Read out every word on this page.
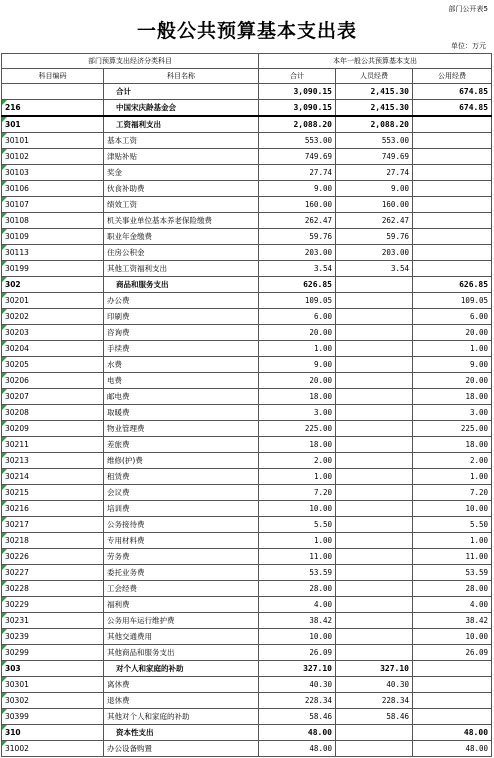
部门公开表5
一般公共预算基本支出表
单位：万元
部门预算支出经济分类科目		本年一般公共预算基本支出		
科目编码	科目名称	合计	人员经费	公用经费
	合计	3,090.15	2,415.30	674.85
216	中国宋庆龄基金会	3,090.15	2,415.30	674.85
301	工资福利支出	2,088.20	2,088.20	
30101	基本工资	553.00	553.00	
30102	津贴补贴	749.69	749.69	
30103	奖金	27.74	27.74	
30106	伙食补助费	9.00	9.00	
30107	绩效工资	160.00	160.00	
30108	机关事业单位基本养老保险缴费	262.47	262.47	
30109	职业年金缴费	59.76	59.76	
30113	住房公积金	203.00	203.00	
30199	其他工资福利支出	3.54	3.54	
302	商品和服务支出	626.85		626.85
30201	办公费	109.05		109.05
30202	印刷费	6.00		6.00
30203	咨询费	20.00		20.00
30204	手续费	1.00		1.00
30205	水费	9.00		9.00
30206	电费	20.00		20.00
30207	邮电费	18.00		18.00
30208	取暖费	3.00		3.00
30209	物业管理费	225.00		225.00
30211	差旅费	18.00		18.00
30213	维修(护)费	2.00		2.00
30214	租赁费	1.00		1.00
30215	会议费	7.20		7.20
30216	培训费	10.00		10.00
30217	公务接待费	5.50		5.50
30218	专用材料费	1.00		1.00
30226	劳务费	11.00		11.00
30227	委托业务费	53.59		53.59
30228	工会经费	28.00		28.00
30229	福利费	4.00		4.00
30231	公务用车运行维护费	38.42		38.42
30239	其他交通费用	10.00		10.00
30299	其他商品和服务支出	26.09		26.09
303	对个人和家庭的补助	327.10	327.10	
30301	离休费	40.30	40.30	
30302	退休费	228.34	228.34	
30399	其他对个人和家庭的补助	58.46	58.46	
310	资本性支出	48.00		48.00
31002	办公设备购置	48.00		48.00
